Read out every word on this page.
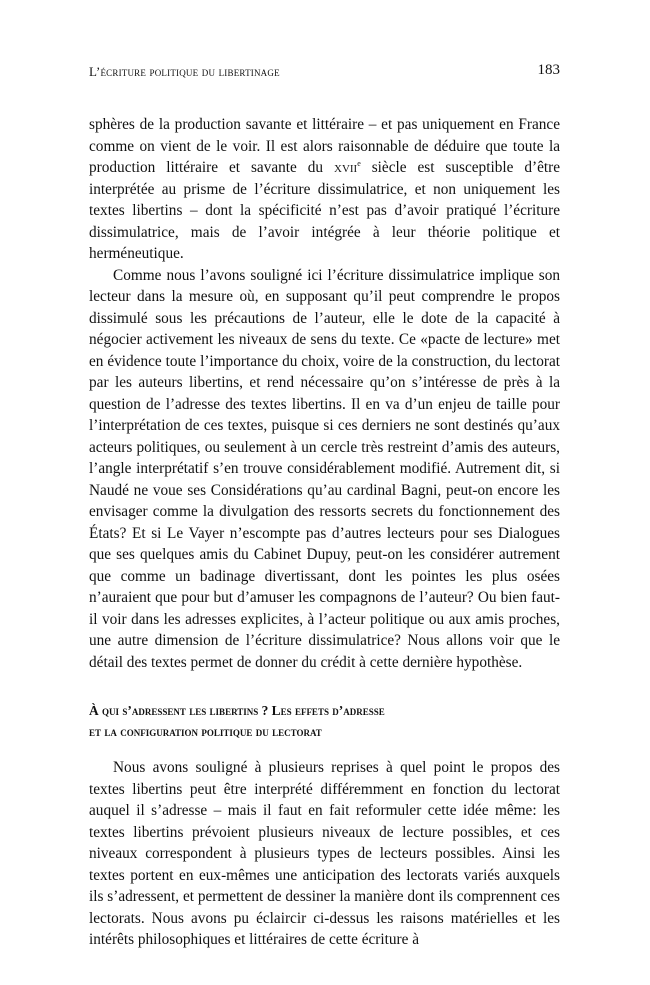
L’écriture politique du libertinage	183

sphères de la production savante et littéraire – et pas uniquement en France comme on vient de le voir. Il est alors raisonnable de déduire que toute la production littéraire et savante du xvii$^e$ siècle est susceptible d’être interprétée au prisme de l’écriture dissimulatrice, et non uniquement les textes libertins – dont la spécificité n’est pas d’avoir pratiqué l’écriture dissimulatrice, mais de l’avoir intégrée à leur théorie politique et herméneutique.

Comme nous l’avons souligné ici l’écriture dissimulatrice implique son lecteur dans la mesure où, en supposant qu’il peut comprendre le propos dissimulé sous les précautions de l’auteur, elle le dote de la capacité à négocier activement les niveaux de sens du texte. Ce «pacte de lecture» met en évidence toute l’importance du choix, voire de la construction, du lectorat par les auteurs libertins, et rend nécessaire qu’on s’intéresse de près à la question de l’adresse des textes libertins. Il en va d’un enjeu de taille pour l’interprétation de ces textes, puisque si ces derniers ne sont destinés qu’aux acteurs politiques, ou seulement à un cercle très restreint d’amis des auteurs, l’angle interprétatif s’en trouve considérablement modifié. Autrement dit, si Naudé ne voue ses Considérations qu’au cardinal Bagni, peut-on encore les envisager comme la divulgation des ressorts secrets du fonctionnement des États? Et si Le Vayer n’escompte pas d’autres lecteurs pour ses Dialogues que ses quelques amis du Cabinet Dupuy, peut-on les considérer autrement que comme un badinage divertissant, dont les pointes les plus osées n’auraient que pour but d’amuser les compagnons de l’auteur? Ou bien faut-il voir dans les adresses explicites, à l’acteur politique ou aux amis proches, une autre dimension de l’écriture dissimulatrice? Nous allons voir que le détail des textes permet de donner du crédit à cette dernière hypothèse.

À qui s’adressent les libertins ? Les effets d’adresse
et la configuration politique du lectorat

Nous avons souligné à plusieurs reprises à quel point le propos des textes libertins peut être interprété différemment en fonction du lectorat auquel il s’adresse – mais il faut en fait reformuler cette idée même: les textes libertins prévoient plusieurs niveaux de lecture possibles, et ces niveaux correspondent à plusieurs types de lecteurs possibles. Ainsi les textes portent en eux-mêmes une anticipation des lectorats variés auxquels ils s’adressent, et permettent de dessiner la manière dont ils comprennent ces lectorats. Nous avons pu éclaircir ci-dessus les raisons matérielles et les intérêts philosophiques et littéraires de cette écriture à
